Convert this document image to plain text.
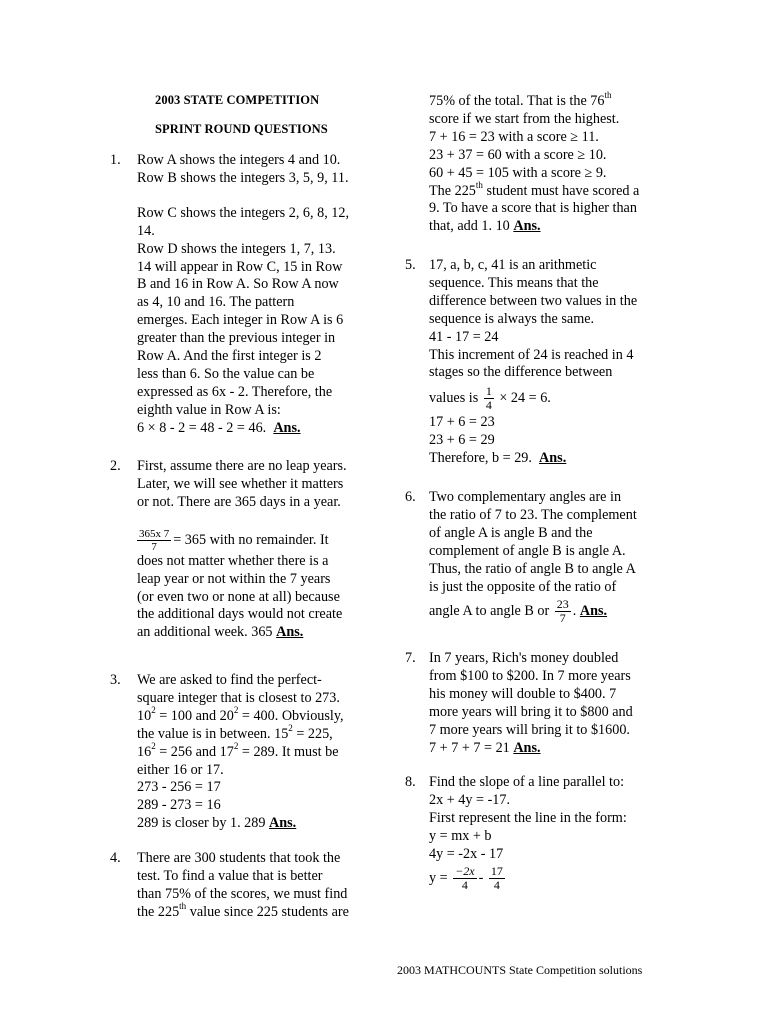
2003 STATE COMPETITION
SPRINT ROUND QUESTIONS
1.	Row A shows the integers 4 and 10.
Row B shows the integers 3, 5, 9, 11.
Row C shows the integers 2, 6, 8, 12,
14.
Row D shows the integers 1, 7, 13.
14 will appear in Row C, 15 in Row
B and 16 in Row A. So Row A now
as 4, 10 and 16. The pattern
emerges. Each integer in Row A is 6
greater than the previous integer in
Row A. And the first integer is 2
less than 6. So the value can be
expressed as 6x - 2. Therefore, the
eighth value in Row A is:
6 × 8 - 2 = 48 - 2 = 46. Ans.
2.	First, assume there are no leap years.
Later, we will see whether it matters
or not. There are 365 days in a year.
$\frac{365x 7}{7} = 365$ with no remainder. It
does not matter whether there is a
leap year or not within the 7 years
(or even two or none at all) because
the additional days would not create
an additional week. 365 Ans.
3.	We are asked to find the perfect-
square integer that is closest to 273.
$10^2 = 100$ and $20^2 = 400$. Obviously,
the value is in between. $15^2 = 225$,
$16^2 = 256$ and $17^2 = 289$. It must be
either 16 or 17.
273 - 256 = 17
289 - 273 = 16
289 is closer by 1. 289 Ans.
4.	There are 300 students that took the
test. To find a value that is better
than 75% of the scores, we must find
the 225th value since 225 students are
75% of the total. That is the 76th
score if we start from the highest.
7 + 16 = 23 with a score ≥ 11.
23 + 37 = 60 with a score ≥ 10.
60 + 45 = 105 with a score ≥ 9.
The 225th student must have scored a
9. To have a score that is higher than
that, add 1. 10 Ans.
5. 17, a, b, c, 41 is an arithmetic
sequence. This means that the
difference between two values in the
sequence is always the same.
41 - 17 = 24
This increment of 24 is reached in 4
stages so the difference between
values is $\frac{1}{4} \times 24 = 6$.
17 + 6 = 23
23 + 6 = 29
Therefore, b = 29. Ans.
6. Two complementary angles are in
the ratio of 7 to 23. The complement
of angle A is angle B and the
complement of angle B is angle A.
Thus, the ratio of angle B to angle A
is just the opposite of the ratio of
angle A to angle B or $\frac{23}{7}$ . Ans.
7. In 7 years, Rich's money doubled
from $100 to $200. In 7 more years
his money will double to $400. 7
more years will bring it to $800 and
7 more years will bring it to $1600.
7 + 7 + 7 = 21 Ans.
8. Find the slope of a line parallel to:
2x + 4y = -17.
First represent the line in the form:
y = mx + b
4y = -2x - 17
$y = \frac{-2x}{4} - \frac{17}{4}$
2003 MATHCOUNTS State Competition solutions
